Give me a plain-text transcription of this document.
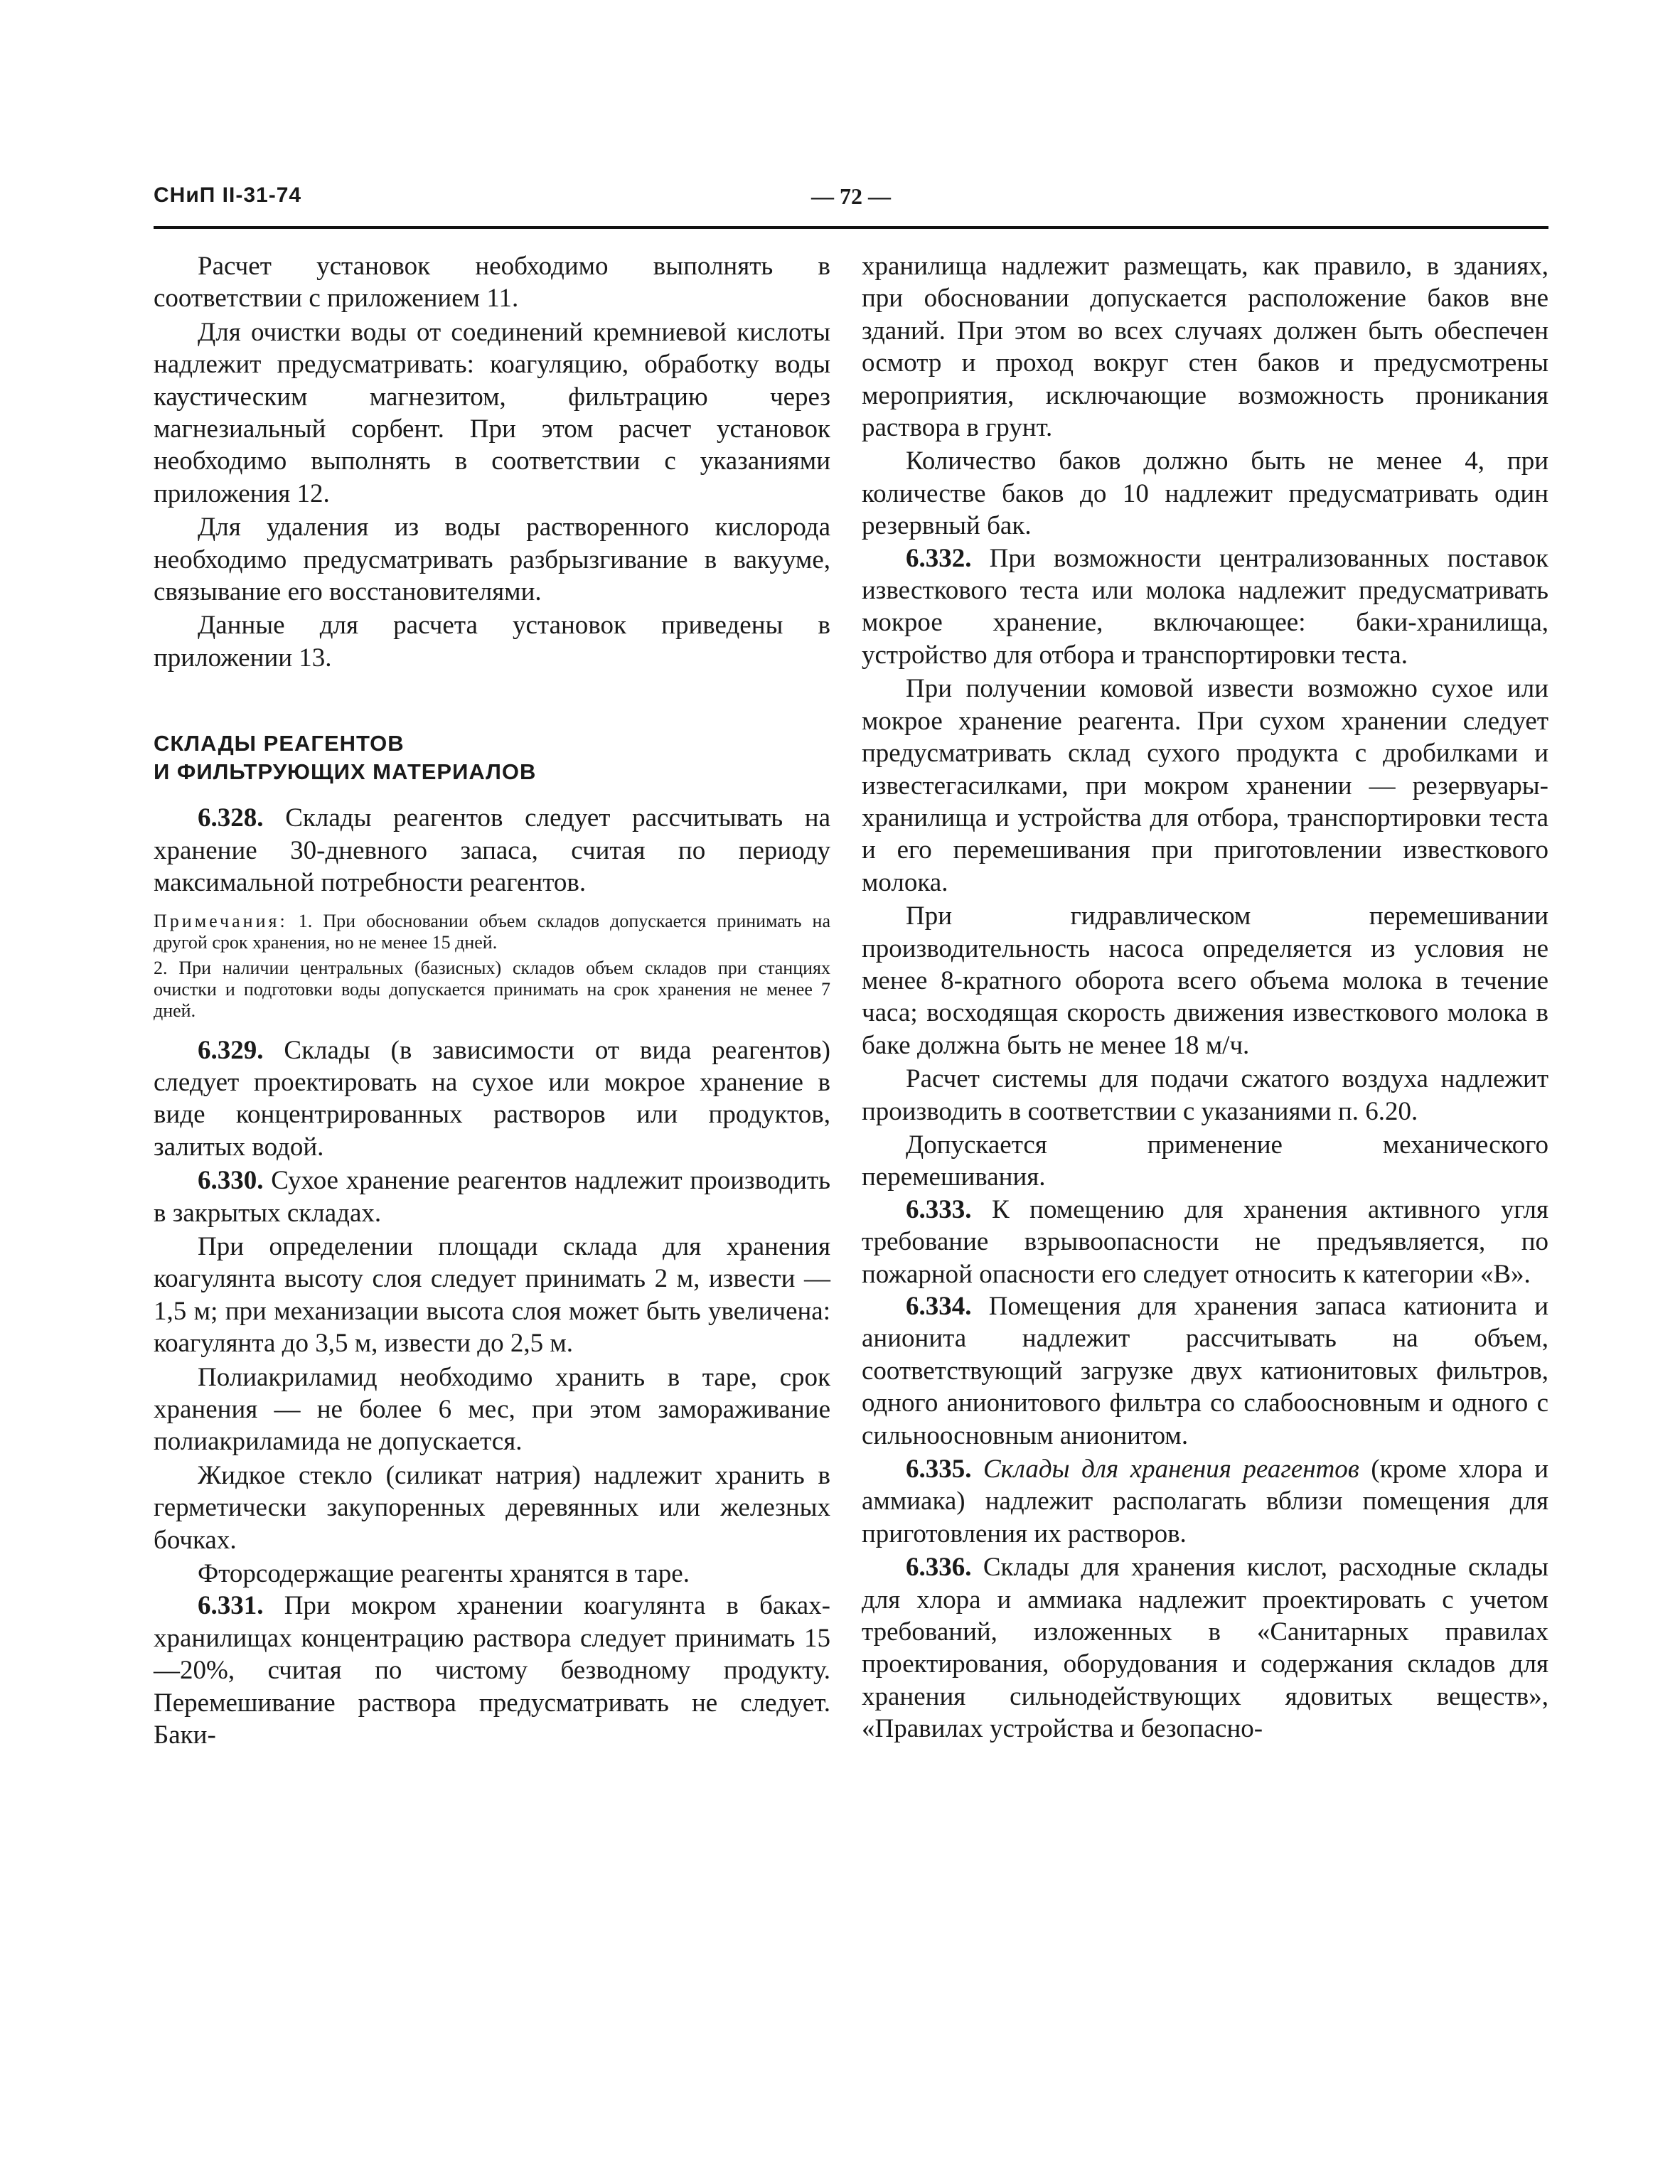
СНиП II-31-74	— 72 —

Расчет установок необходимо выполнять в соответствии с приложением 11.

Для очистки воды от соединений кремниевой кислоты надлежит предусматривать: коагуляцию, обработку воды каустическим магнезитом, фильтрацию через магнезиальный сорбент. При этом расчет установок необходимо выполнять в соответствии с указаниями приложения 12.

Для удаления из воды растворенного кислорода необходимо предусматривать разбрызгивание в вакууме, связывание его восстановителями.

Данные для расчета установок приведены в приложении 13.

СКЛАДЫ РЕАГЕНТОВ
И ФИЛЬТРУЮЩИХ МАТЕРИАЛОВ

6.328. Склады реагентов следует рассчитывать на хранение 30-дневного запаса, считая по периоду максимальной потребности реагентов.

Примечания: 1. При обосновании объем складов допускается принимать на другой срок хранения, но не менее 15 дней.

2. При наличии центральных (базисных) складов объем складов при станциях очистки и подготовки воды допускается принимать на срок хранения не менее 7 дней.

6.329. Склады (в зависимости от вида реагентов) следует проектировать на сухое или мокрое хранение в виде концентрированных растворов или продуктов, залитых водой.

6.330. Сухое хранение реагентов надлежит производить в закрытых складах.

При определении площади склада для хранения коагулянта высоту слоя следует принимать 2 м, извести — 1,5 м; при механизации высота слоя может быть увеличена: коагулянта до 3,5 м, извести до 2,5 м.

Полиакриламид необходимо хранить в таре, срок хранения — не более 6 мес, при этом замораживание полиакриламида не допускается.

Жидкое стекло (силикат натрия) надлежит хранить в герметически закупоренных деревянных или железных бочках.

Фторсодержащие реагенты хранятся в таре.

6.331. При мокром хранении коагулянта в баках-хранилищах концентрацию раствора следует принимать 15—20%, считая по чистому безводному продукту. Перемешивание раствора предусматривать не следует. Баки-

хранилища надлежит размещать, как правило, в зданиях, при обосновании допускается расположение баков вне зданий. При этом во всех случаях должен быть обеспечен осмотр и проход вокруг стен баков и предусмотрены мероприятия, исключающие возможность проникания раствора в грунт.

Количество баков должно быть не менее 4, при количестве баков до 10 надлежит предусматривать один резервный бак.

6.332. При возможности централизованных поставок известкового теста или молока надлежит предусматривать мокрое хранение, включающее: баки-хранилища, устройство для отбора и транспортировки теста.

При получении комовой извести возможно сухое или мокрое хранение реагента. При сухом хранении следует предусматривать склад сухого продукта с дробилками и известегасилками, при мокром хранении — резервуары-хранилища и устройства для отбора, транспортировки теста и его перемешивания при приготовлении известкового молока.

При гидравлическом перемешивании производительность насоса определяется из условия не менее 8-кратного оборота всего объема молока в течение часа; восходящая скорость движения известкового молока в баке должна быть не менее 18 м/ч.

Расчет системы для подачи сжатого воздуха надлежит производить в соответствии с указаниями п. 6.20.

Допускается применение механического перемешивания.

6.333. К помещению для хранения активного угля требование взрывоопасности не предъявляется, по пожарной опасности его следует относить к категории «В».

6.334. Помещения для хранения запаса катионита и анионита надлежит рассчитывать на объем, соответствующий загрузке двух катионитовых фильтров, одного анионитового фильтра со слабоосновным и одного с сильноосновным анионитом.

6.335. Склады для хранения реагентов (кроме хлора и аммиака) надлежит располагать вблизи помещения для приготовления их растворов.

6.336. Склады для хранения кислот, расходные склады для хлора и аммиака надлежит проектировать с учетом требований, изложенных в «Санитарных правилах проектирования, оборудования и содержания складов для хранения сильнодействующих ядовитых веществ», «Правилах устройства и безопасно-
